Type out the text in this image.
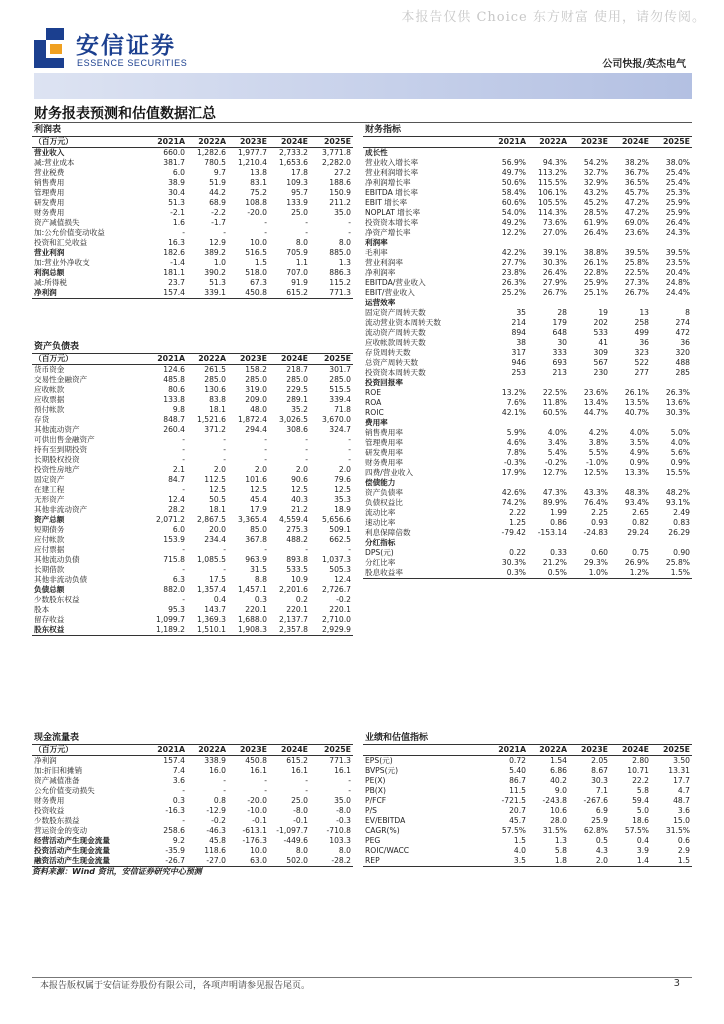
本报告仅供 Choice 东方财富 使用，请勿传阅。
安信证券
ESSENCE SECURITIES	公司快报/英杰电气
财务报表预测和估值数据汇总
利润表					
（百万元）	2021A	2022A	2023E	2024E	2025E
营业收入	660.0	1,282.6	1,977.7	2,733.2	3,771.8
减:营业成本	381.7	780.5	1,210.4	1,653.6	2,282.0
营业税费	6.0	9.7	13.8	17.8	27.2
销售费用	38.9	51.9	83.1	109.3	188.6
管理费用	30.4	44.2	75.2	95.7	150.9
研发费用	51.3	68.9	108.8	133.9	211.2
财务费用	-2.1	-2.2	-20.0	25.0	35.0
资产减值损失	1.6	-1.7	-	-	-
加:公允价值变动收益	-	-	-	-	-
投资和汇兑收益	16.3	12.9	10.0	8.0	8.0
营业利润	182.6	389.2	516.5	705.9	885.0
加:营业外净收支	-1.4	1.0	1.5	1.1	1.3
利润总额	181.1	390.2	518.0	707.0	886.3
减:所得税	23.7	51.3	67.3	91.9	115.2
净利润	157.4	339.1	450.8	615.2	771.3
财务指标					
	2021A	2022A	2023E	2024E	2025E
成长性					
营业收入增长率	56.9%	94.3%	54.2%	38.2%	38.0%
营业利润增长率	49.7%	113.2%	32.7%	36.7%	25.4%
净利润增长率	50.6%	115.5%	32.9%	36.5%	25.4%
EBITDA 增长率	58.4%	106.1%	43.2%	45.7%	25.3%
EBIT 增长率	60.6%	105.5%	45.2%	47.2%	25.9%
NOPLAT 增长率	54.0%	114.3%	28.5%	47.2%	25.9%
投资资本增长率	49.2%	73.6%	61.9%	69.0%	26.4%
净资产增长率	12.2%	27.0%	26.4%	23.6%	24.3%
利润率					
毛利率	42.2%	39.1%	38.8%	39.5%	39.5%
营业利润率	27.7%	30.3%	26.1%	25.8%	23.5%
净利润率	23.8%	26.4%	22.8%	22.5%	20.4%
EBITDA/营业收入	26.3%	27.9%	25.9%	27.3%	24.8%
EBIT/营业收入	25.2%	26.7%	25.1%	26.7%	24.4%
运营效率					
固定资产周转天数	35	28	19	13	8
流动营业资本周转天数	214	179	202	258	274
流动资产周转天数	894	648	533	499	472
应收帐款周转天数	38	30	41	36	36
存货周转天数	317	333	309	323	320
总资产周转天数	946	693	567	522	488
投资资本周转天数	253	213	230	277	285
投资回报率					
ROE	13.2%	22.5%	23.6%	26.1%	26.3%
ROA	7.6%	11.8%	13.4%	13.5%	13.6%
ROIC	42.1%	60.5%	44.7%	40.7%	30.3%
费用率					
销售费用率	5.9%	4.0%	4.2%	4.0%	5.0%
管理费用率	4.6%	3.4%	3.8%	3.5%	4.0%
研发费用率	7.8%	5.4%	5.5%	4.9%	5.6%
财务费用率	-0.3%	-0.2%	-1.0%	0.9%	0.9%
四费/营业收入	17.9%	12.7%	12.5%	13.3%	15.5%
偿债能力					
资产负债率	42.6%	47.3%	43.3%	48.3%	48.2%
负债权益比	74.2%	89.9%	76.4%	93.4%	93.1%
流动比率	2.22	1.99	2.25	2.65	2.49
速动比率	1.25	0.86	0.93	0.82	0.83
利息保障倍数	-79.42	-153.14	-24.83	29.24	26.29
分红指标					
DPS(元)	0.22	0.33	0.60	0.75	0.90
分红比率	30.3%	21.2%	29.3%	26.9%	25.8%
股息收益率	0.3%	0.5%	1.0%	1.2%	1.5%
资产负债表					
（百万元）	2021A	2022A	2023E	2024E	2025E
货币资金	124.6	261.5	158.2	218.7	301.7
交易性金融资产	485.8	285.0	285.0	285.0	285.0
应收帐款	80.6	130.6	319.0	229.5	515.5
应收票据	133.8	83.8	209.0	289.1	339.4
预付帐款	9.8	18.1	48.0	35.2	71.8
存货	848.7	1,521.6	1,872.4	3,026.5	3,670.0
其他流动资产	260.4	371.2	294.4	308.6	324.7
可供出售金融资产	-	-	-	-	-
持有至到期投资	-	-	-	-	-
长期股权投资	-	-	-	-	-
投资性房地产	2.1	2.0	2.0	2.0	2.0
固定资产	84.7	112.5	101.6	90.6	79.6
在建工程	-	12.5	12.5	12.5	12.5
无形资产	12.4	50.5	45.4	40.3	35.3
其他非流动资产	28.2	18.1	17.9	21.2	18.9
资产总额	2,071.2	2,867.5	3,365.4	4,559.4	5,656.6
短期债务	6.0	20.0	85.0	275.3	509.1
应付帐款	153.9	234.4	367.8	488.2	662.5
应付票据	-	-	-	-	-
其他流动负债	715.8	1,085.5	963.9	893.8	1,037.3
长期借款	-	-	31.5	533.5	505.3
其他非流动负债	6.3	17.5	8.8	10.9	12.4
负债总额	882.0	1,357.4	1,457.1	2,201.6	2,726.7
少数股东权益	-	0.4	0.3	0.2	-0.2
股本	95.3	143.7	220.1	220.1	220.1
留存收益	1,099.7	1,369.3	1,688.0	2,137.7	2,710.0
股东权益	1,189.2	1,510.1	1,908.3	2,357.8	2,929.9
现金流量表					
（百万元）	2021A	2022A	2023E	2024E	2025E
净利润	157.4	338.9	450.8	615.2	771.3
加:折旧和摊销	7.4	16.0	16.1	16.1	16.1
资产减值准备	3.6	-	-	-	-
公允价值变动损失	-	-	-	-	-
财务费用	0.3	0.8	-20.0	25.0	35.0
投资收益	-16.3	-12.9	-10.0	-8.0	-8.0
少数股东损益	-	-0.2	-0.1	-0.1	-0.3
营运资金的变动	258.6	-46.3	-613.1	-1,097.7	-710.8
经营活动产生现金流量	9.2	45.8	-176.3	-449.6	103.3
投资活动产生现金流量	-35.9	118.6	10.0	8.0	8.0
融资活动产生现金流量	-26.7	-27.0	63.0	502.0	-28.2
业绩和估值指标					
	2021A	2022A	2023E	2024E	2025E
EPS(元)	0.72	1.54	2.05	2.80	3.50
BVPS(元)	5.40	6.86	8.67	10.71	13.31
PE(X)	86.7	40.2	30.3	22.2	17.7
PB(X)	11.5	9.0	7.1	5.8	4.7
P/FCF	-721.5	-243.8	-267.6	59.4	48.7
P/S	20.7	10.6	6.9	5.0	3.6
EV/EBITDA	45.7	28.0	25.9	18.6	15.0
CAGR(%)	57.5%	31.5%	62.8%	57.5%	31.5%
PEG	1.5	1.3	0.5	0.4	0.6
ROIC/WACC	4.0	5.8	4.3	3.9	2.9
REP	3.5	1.8	2.0	1.4	1.5
资料来源：Wind 资讯，安信证券研究中心预测
本报告版权属于安信证券股份有限公司，各项声明请参见报告尾页。	3
